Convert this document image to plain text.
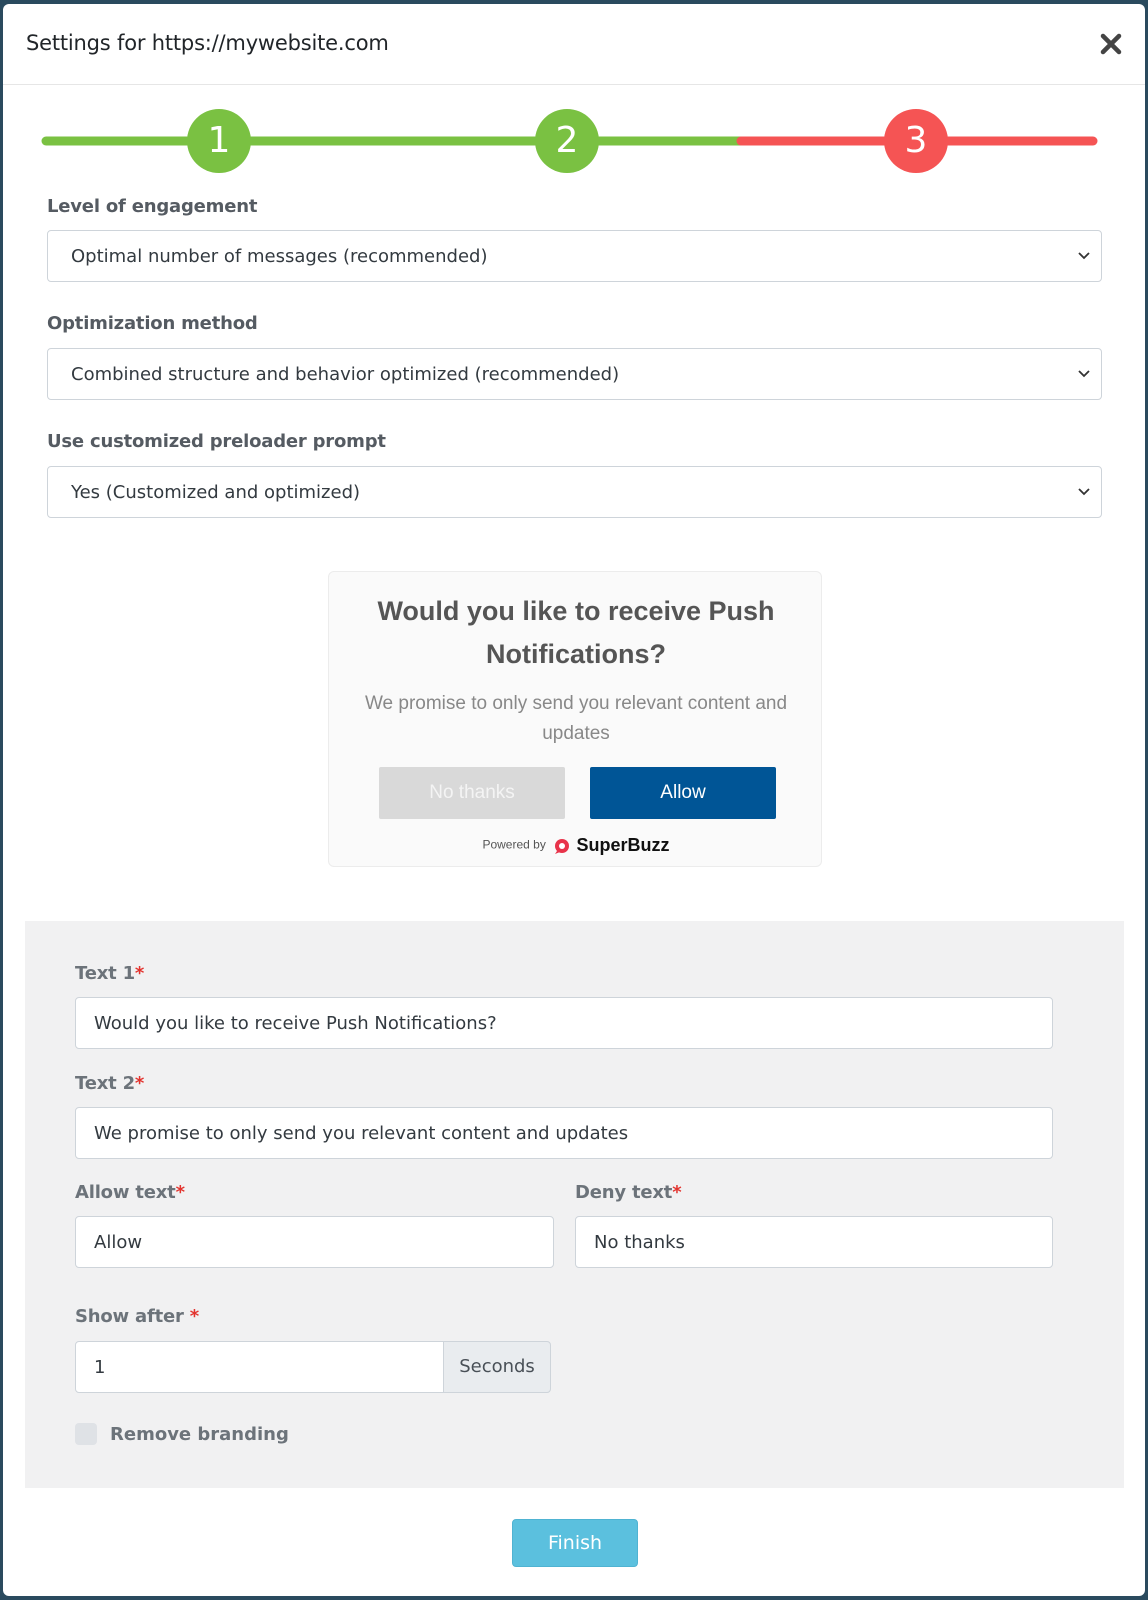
Settings for https://mywebsite.com
1	2	3
Level of engagement
Optimal number of messages (recommended)
Optimization method
Combined structure and behavior optimized (recommended)
Use customized preloader prompt
Yes (Customized and optimized)
Would you like to receive Push Notifications?
We promise to only send you relevant content and updates
No thanks	Allow
Powered by SuperBuzz
Text 1*
Would you like to receive Push Notifications?
Text 2*
We promise to only send you relevant content and updates
Allow text*
Allow
Deny text*
No thanks
Show after *
1	Seconds
Remove branding
Finish
